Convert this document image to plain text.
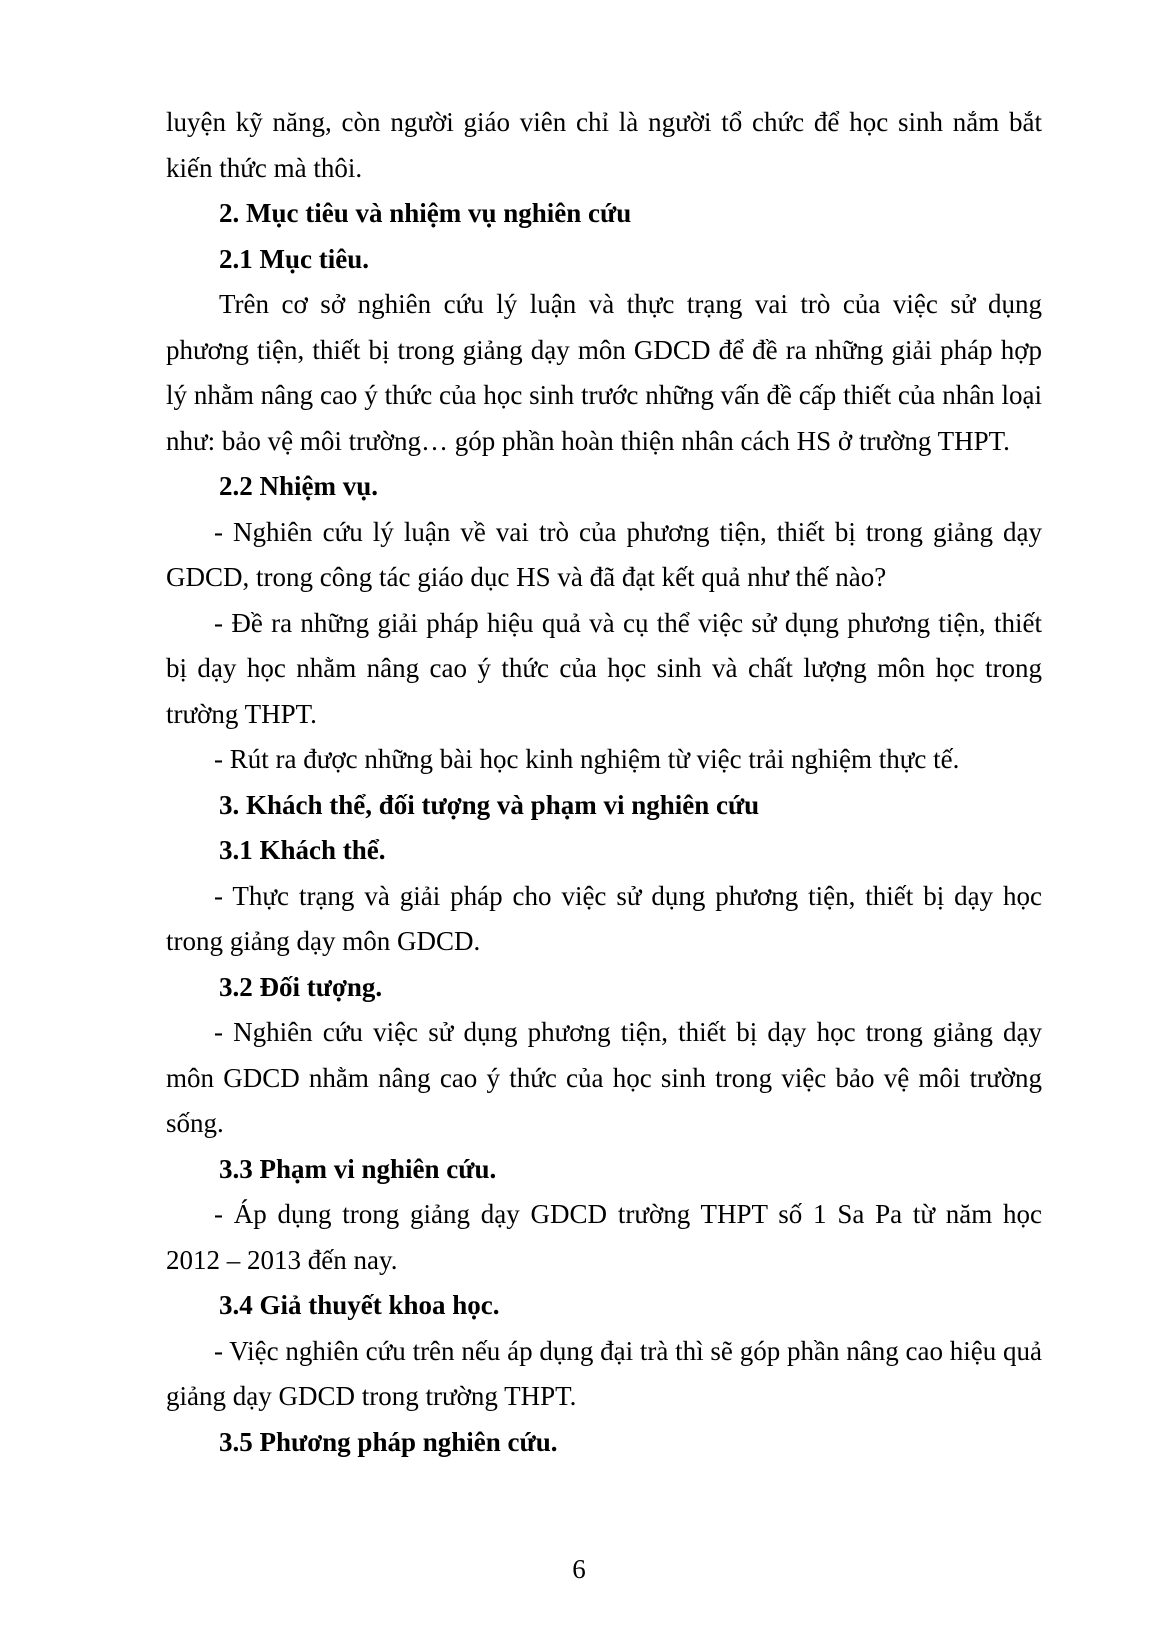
luyện kỹ năng, còn người giáo viên chỉ là người tổ chức để học sinh nắm bắt kiến thức mà thôi.

2. Mục tiêu và nhiệm vụ nghiên cứu

2.1 Mục tiêu.

Trên cơ sở nghiên cứu lý luận và thực trạng vai trò của việc sử dụng phương tiện, thiết bị trong giảng dạy môn GDCD để đề ra những giải pháp hợp lý nhằm nâng cao ý thức của học sinh trước những vấn đề cấp thiết của nhân loại như: bảo vệ môi trường… góp phần hoàn thiện nhân cách HS ở trường THPT.

2.2 Nhiệm vụ.

- Nghiên cứu lý luận về vai trò của phương tiện, thiết bị trong giảng dạy GDCD, trong công tác giáo dục HS và đã đạt kết quả như thế nào?

- Đề ra những giải pháp hiệu quả và cụ thể việc sử dụng phương tiện, thiết bị dạy học nhằm nâng cao ý thức của học sinh và chất lượng môn học trong trường THPT.

- Rút ra được những bài học kinh nghiệm từ việc trải nghiệm thực tế.

3. Khách thể, đối tượng và phạm vi nghiên cứu

3.1 Khách thể.

- Thực trạng và giải pháp cho việc sử dụng phương tiện, thiết bị dạy học trong giảng dạy môn GDCD.

3.2 Đối tượng.

- Nghiên cứu việc sử dụng phương tiện, thiết bị dạy học trong giảng dạy môn GDCD nhằm nâng cao ý thức của học sinh trong việc bảo vệ môi trường sống.

3.3 Phạm vi nghiên cứu.

- Áp dụng trong giảng dạy GDCD trường THPT số 1 Sa Pa từ năm học 2012 – 2013 đến nay.

3.4 Giả thuyết khoa học.

- Việc nghiên cứu trên nếu áp dụng đại trà thì sẽ góp phần nâng cao hiệu quả giảng dạy GDCD trong trường THPT.

3.5 Phương pháp nghiên cứu.

6
